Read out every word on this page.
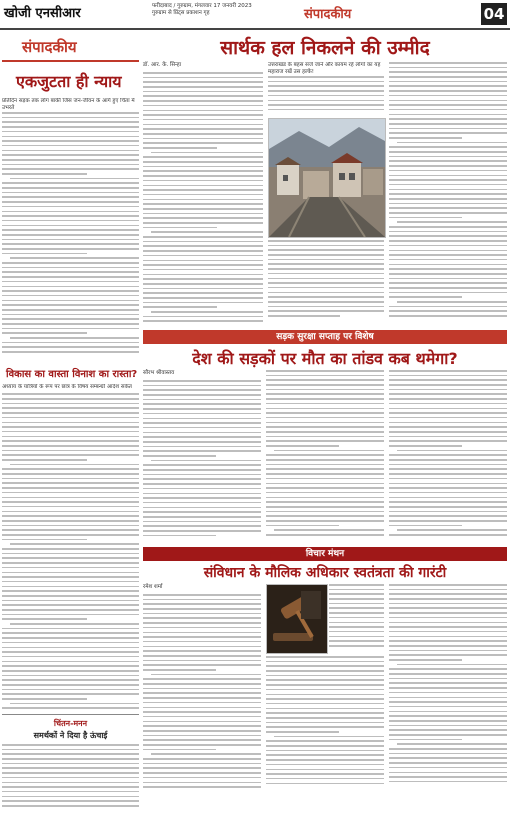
खोजी एनसीआर	फरीदाबाद / गुरुग्राम, मंगलवार 17 जनवरी 2023
गुरुग्राम से प्रिंट्स प्रकाशन गृह	संपादकीय	04
संपादकीय
एकजुटता ही न्याय
प्रतिदिन सड़क तक लोग बाकी जिस जन-जीवन के आगे हुए चिंता में उभरते
विकास का वास्ता विनाश का रास्ता?
अध्याय के यात्रियों के रूप पर छात्र के विषय सम्बन्धी आदेश संकेत
चिंतन-मनन
समर्थकों ने दिया है ऊंचाई
सार्थक हल निकलने की उम्मीद
डॉ. आर. के. सिन्हा	उत्तराखंड के बहस सजे जाने और कायम रहे लोगों का यह महाराज रखें उस हल्के!
सड़क सुरक्षा सप्ताह पर विशेष
देश की सड़कों पर मौत का तांडव कब थमेगा?
सौरभ श्रीवास्तव
विचार मंथन
संविधान के मौलिक अधिकार स्वतंत्रता की गारंटी
रमेश शर्मा
